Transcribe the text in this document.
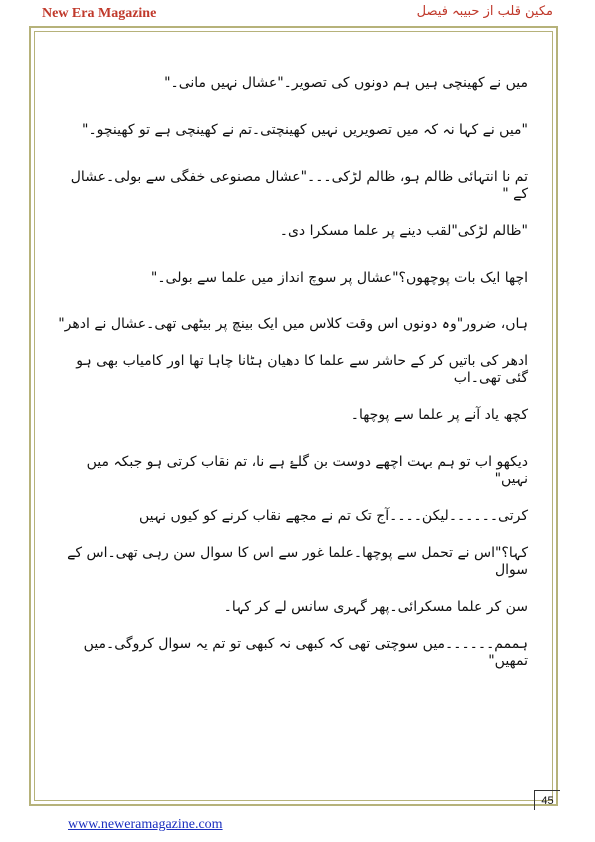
New Era Magazine	مکین قلب از حبیبہ فیصل

میں نے کھینچی ہیں ہم دونوں کی تصویر۔"عشال نہیں مانی۔"

"میں نے کہا نہ کہ میں تصویریں نہیں کھینچتی۔تم نے کھینچی ہے تو کھینچو۔"

تم نا انتہائی ظالم ہو، ظالم لڑکی۔۔۔"عشال مصنوعی خفگی سے بولی۔عشال کے "
"ظالم لڑکی"لقب دینے پر علما مسکرا دی۔

اچھا ایک بات پوچھوں؟"عشال پر سوچ انداز میں علما سے بولی۔"

ہاں، ضرور"وہ دونوں اس وقت کلاس میں ایک بینچ پر بیٹھی تھی۔عشال نے ادھر"
ادھر کی باتیں کر کے حاشر سے علما کا دھیان ہٹانا چاہا تھا اور کامیاب بھی ہو گئی تھی۔اب
کچھ یاد آنے پر علما سے پوچھا۔

دیکھو اب تو ہم بہت اچھے دوست بن گلۓ ہے نا، تم نقاب کرتی ہو جبکہ میں نہیں"
کرتی۔۔۔۔۔۔لیکن۔۔۔۔آج تک تم نے مجھے نقاب کرنے کو کیوں نہیں
کہا؟"اس نے تحمل سے پوچھا۔علما غور سے اس کا سوال سن رہی تھی۔اس کے سوال
سن کر علما مسکرائی۔پھر گہری سانس لے کر کہا۔

ہممم۔۔۔۔۔۔میں سوچتی تھی کہ کبھی نہ کبھی تو تم یہ سوال کروگی۔میں تمھیں"

45
www.neweramagazine.com
